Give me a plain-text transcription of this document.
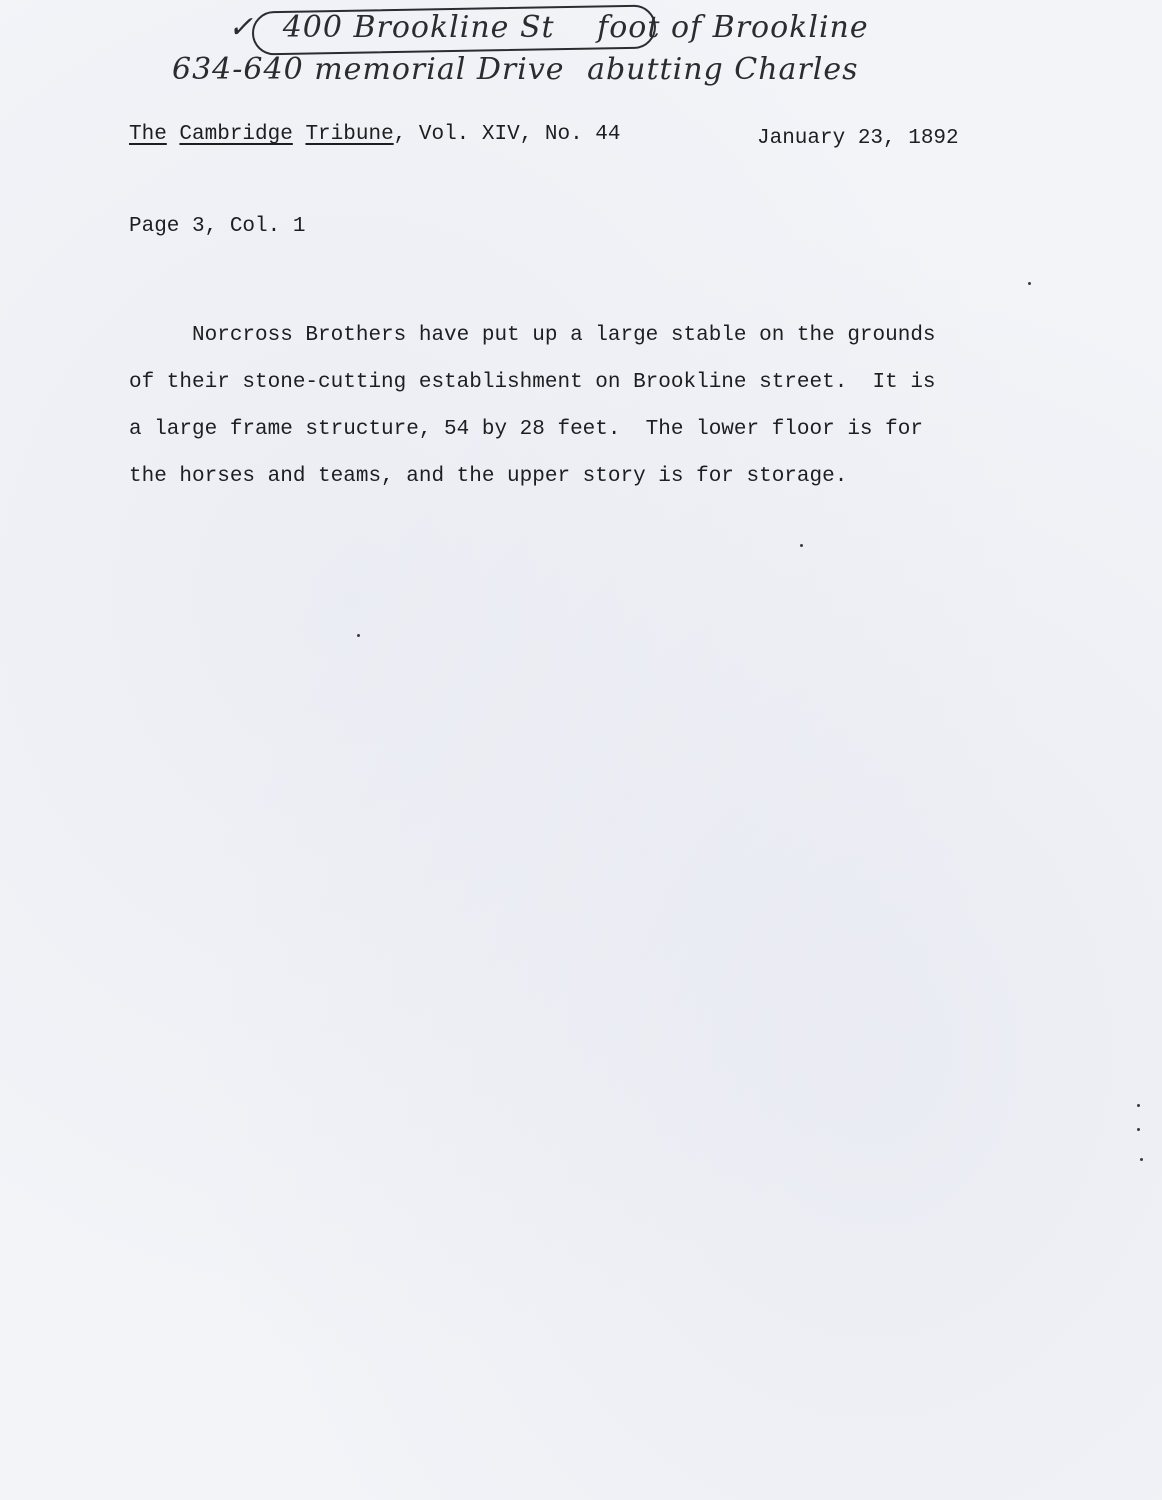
✓ 400 Brookline St foot of Brookline
634-640 memorial Drive abutting Charles
The Cambridge Tribune, Vol. XIV, No. 44	January 23, 1892
Page 3, Col. 1
Norcross Brothers have put up a large stable on the grounds
of their stone-cutting establishment on Brookline street.  It is
a large frame structure, 54 by 28 feet.  The lower floor is for
the horses and teams, and the upper story is for storage.
